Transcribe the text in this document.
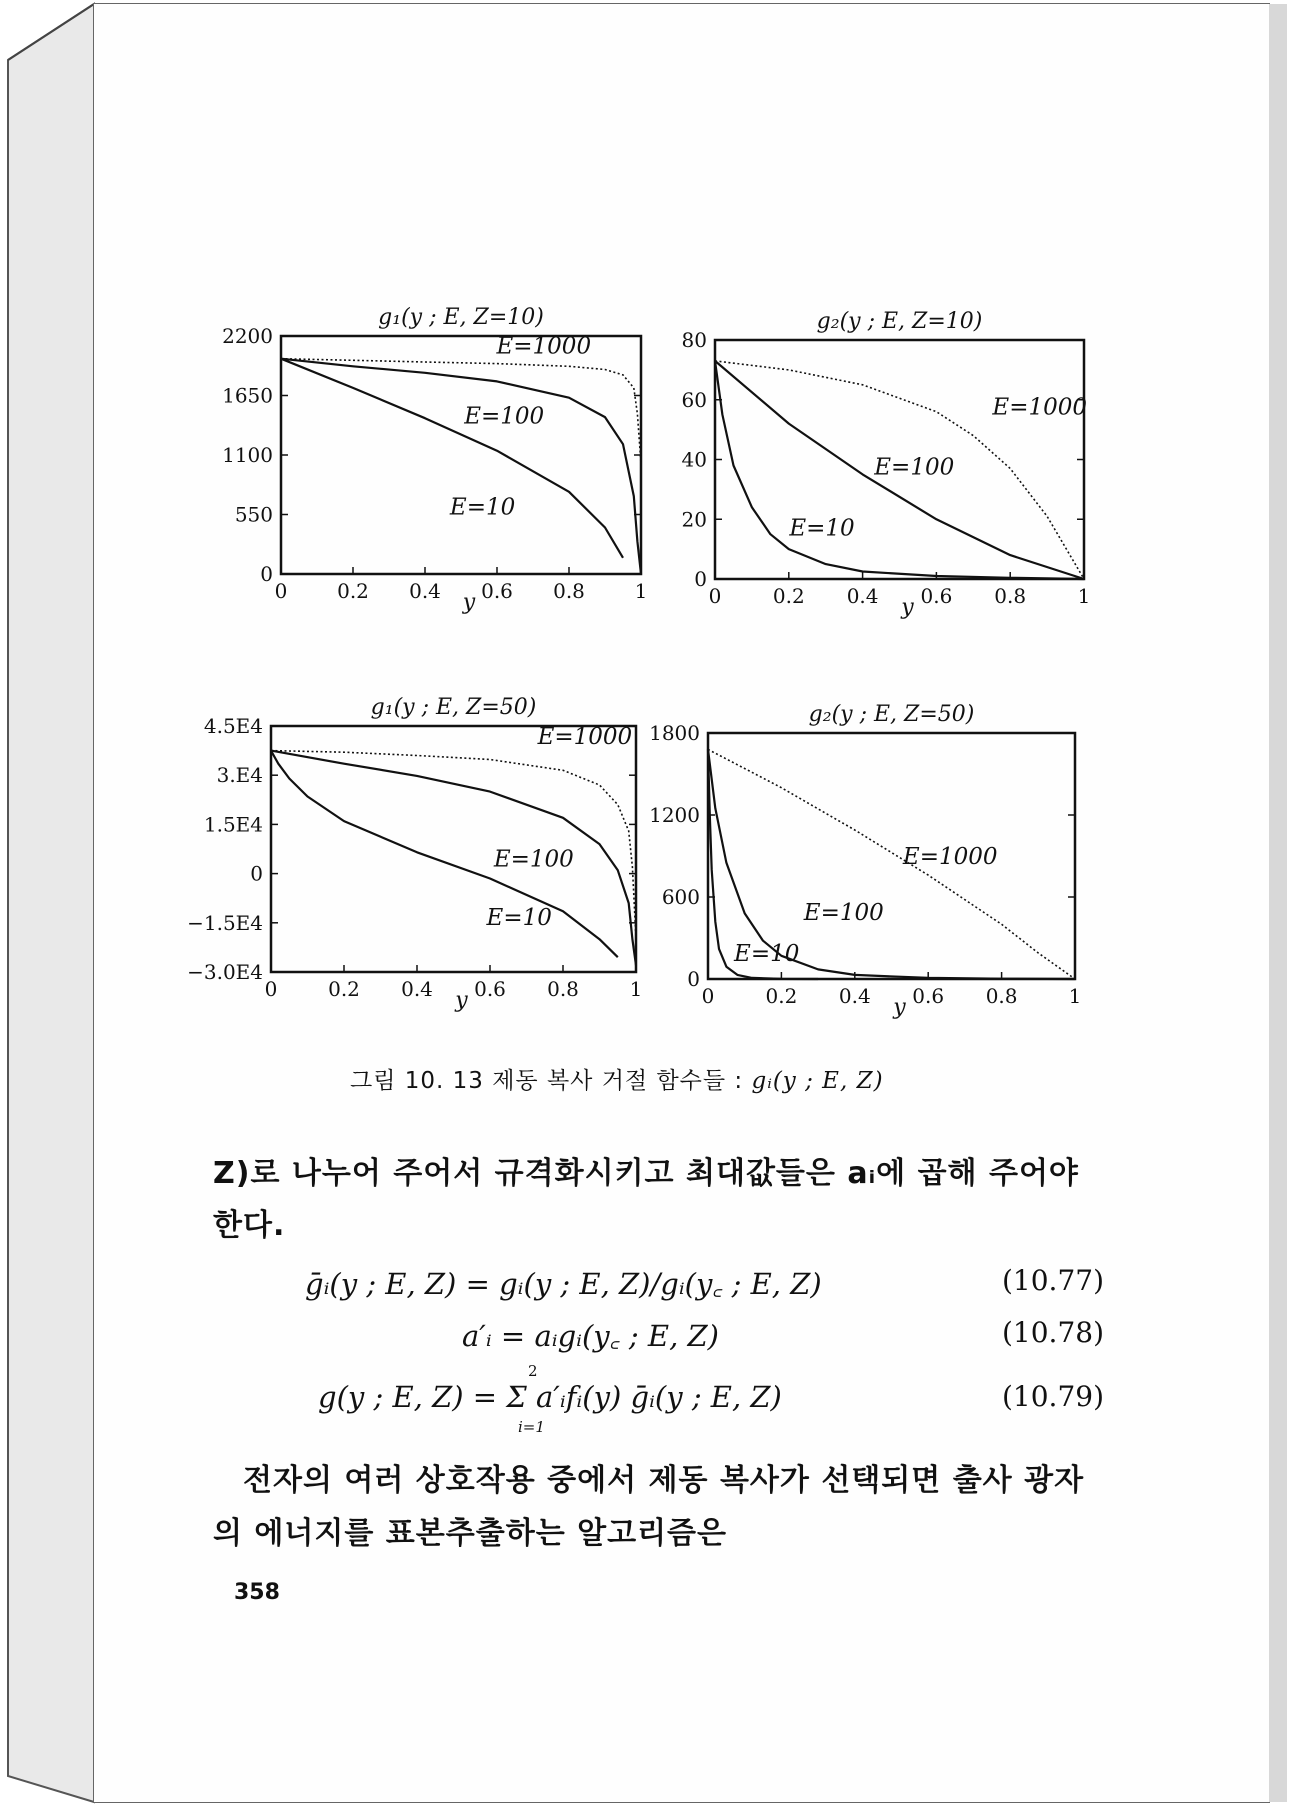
g₁(y ; E, Z=10)
0 0.2 0.4 0.6 0.8 1
y
2200
1650
1100
550
0
E=1000
E=100
E=10
g₂(y ; E, Z=10)
0	0.2 0.4 0.6 0.8	1
y
80
60
40
20
0
E=1000
E=100
E=10
g₁(y ; E, Z=50)
0	0.2 0.4 0.6 0.8	1
y
4.5E4
3.E4
1.5E4
0
−1.5E4
−3.0E4
E=1000
E=100
E=10
g₂(y ; E, Z=50)
0	0.2 0.4 0.6 0.8	1
y
1800
1200
600
0
E=1000
E=100
E=10
그림 10. 13 제동 복사 거절 함수들 : gᵢ(y ; E, Z)
Z)로 나누어 주어서 규격화시키고 최대값들은 aᵢ에 곱해 주어야
한다.
ḡᵢ(y ; E, Z) = gᵢ(y ; E, Z)/gᵢ(y꜀ ; E, Z)	(10.77)
a′ᵢ = aᵢgᵢ(y꜀ ; E, Z)	(10.78)
g(y ; E, Z) = Σ a′ᵢfᵢ(y) ḡᵢ(y ; E, Z)
2
i=1
(10.79)
전자의 여러 상호작용 중에서 제동 복사가 선택되면 출사 광자
의 에너지를 표본추출하는 알고리즘은
358
